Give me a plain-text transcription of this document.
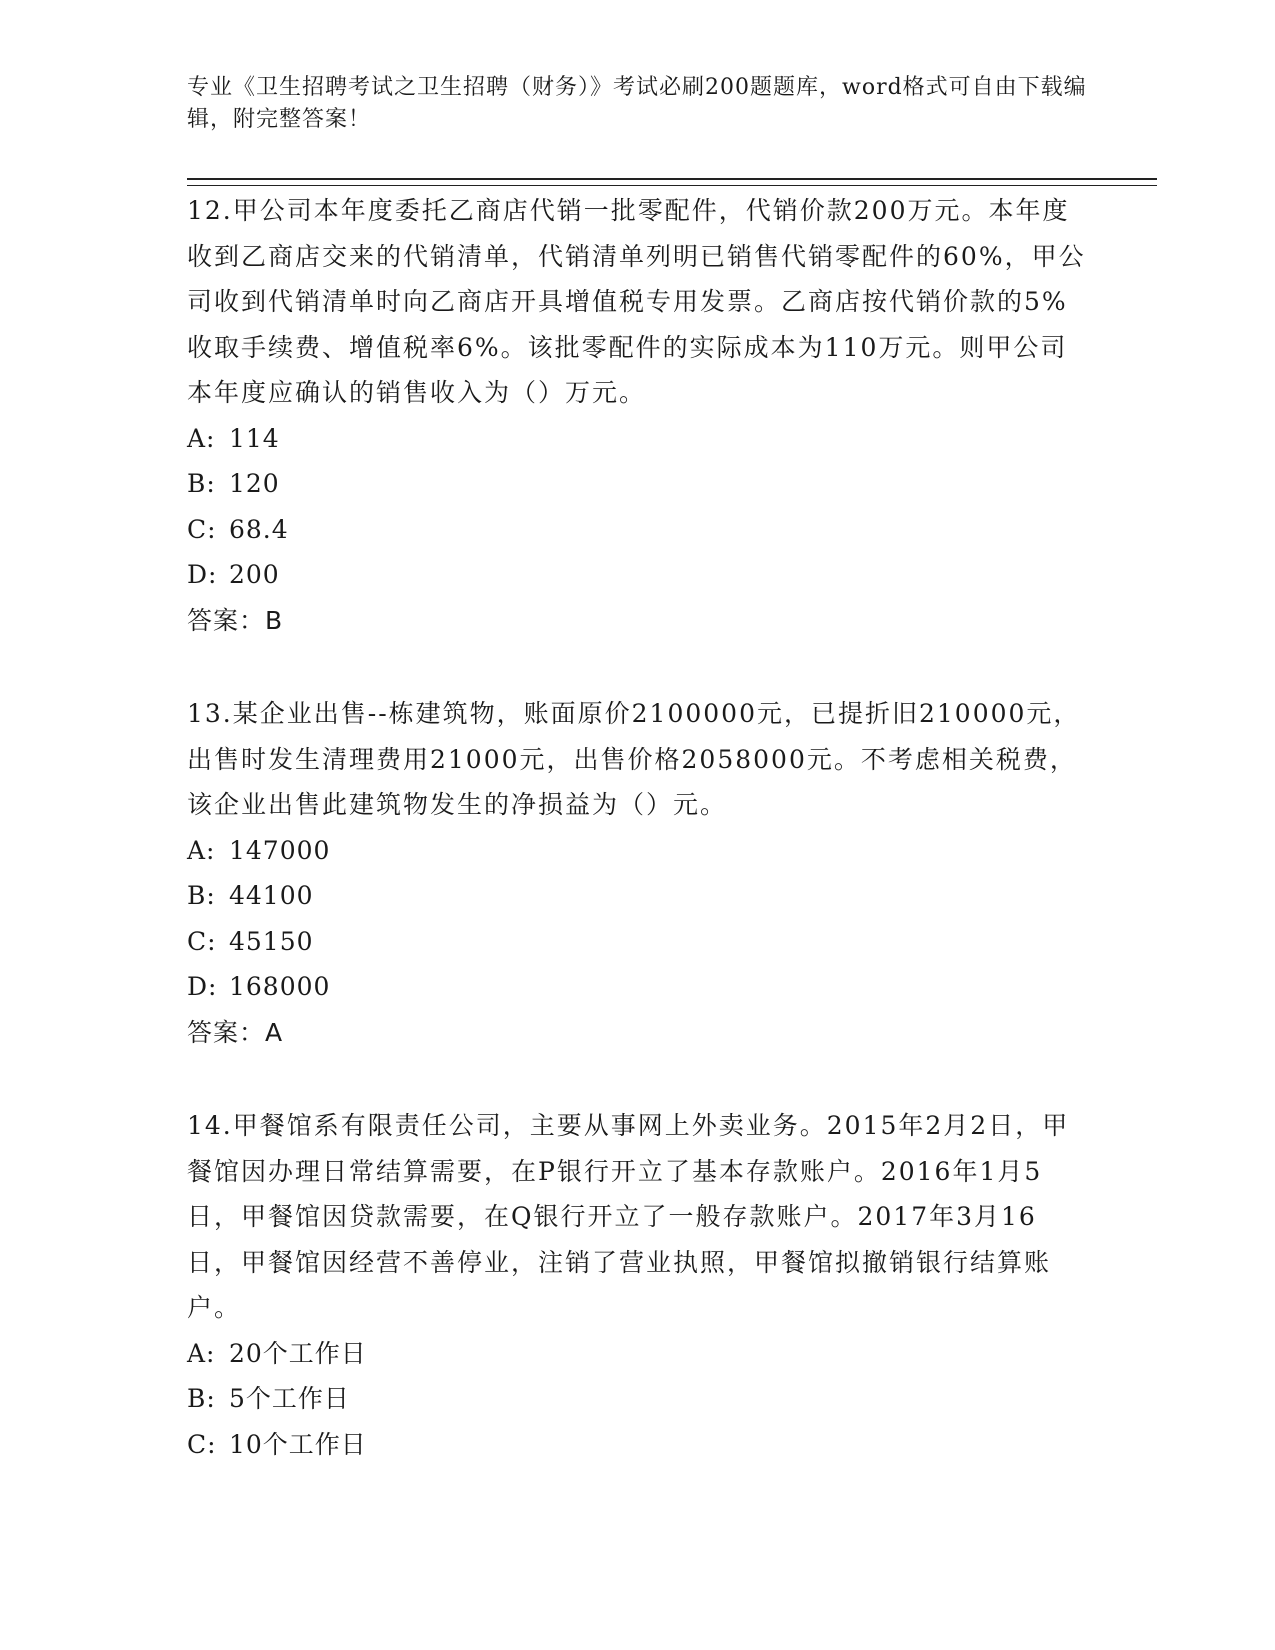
专业《卫生招聘考试之卫生招聘（财务）》考试必刷200题题库，word格式可自由下载编辑，附完整答案！

12.甲公司本年度委托乙商店代销一批零配件，代销价款200万元。本年度收到乙商店交来的代销清单，代销清单列明已销售代销零配件的60%，甲公司收到代销清单时向乙商店开具增值税专用发票。乙商店按代销价款的5%收取手续费、增值税率6%。该批零配件的实际成本为110万元。则甲公司本年度应确认的销售收入为（）万元。

A: 114
B: 120
C: 68.4
D: 200
答案：B

13.某企业出售--栋建筑物，账面原价2100000元，已提折旧210000元，出售时发生清理费用21000元，出售价格2058000元。不考虑相关税费，该企业出售此建筑物发生的净损益为（）元。

A: 147000
B: 44100
C: 45150
D: 168000
答案：A

14.甲餐馆系有限责任公司，主要从事网上外卖业务。2015年2月2日，甲餐馆因办理日常结算需要，在P银行开立了基本存款账户。2016年1月5日，甲餐馆因贷款需要，在Q银行开立了一般存款账户。2017年3月16日，甲餐馆因经营不善停业，注销了营业执照，甲餐馆拟撤销银行结算账户。

A: 20个工作日
B: 5个工作日
C: 10个工作日
